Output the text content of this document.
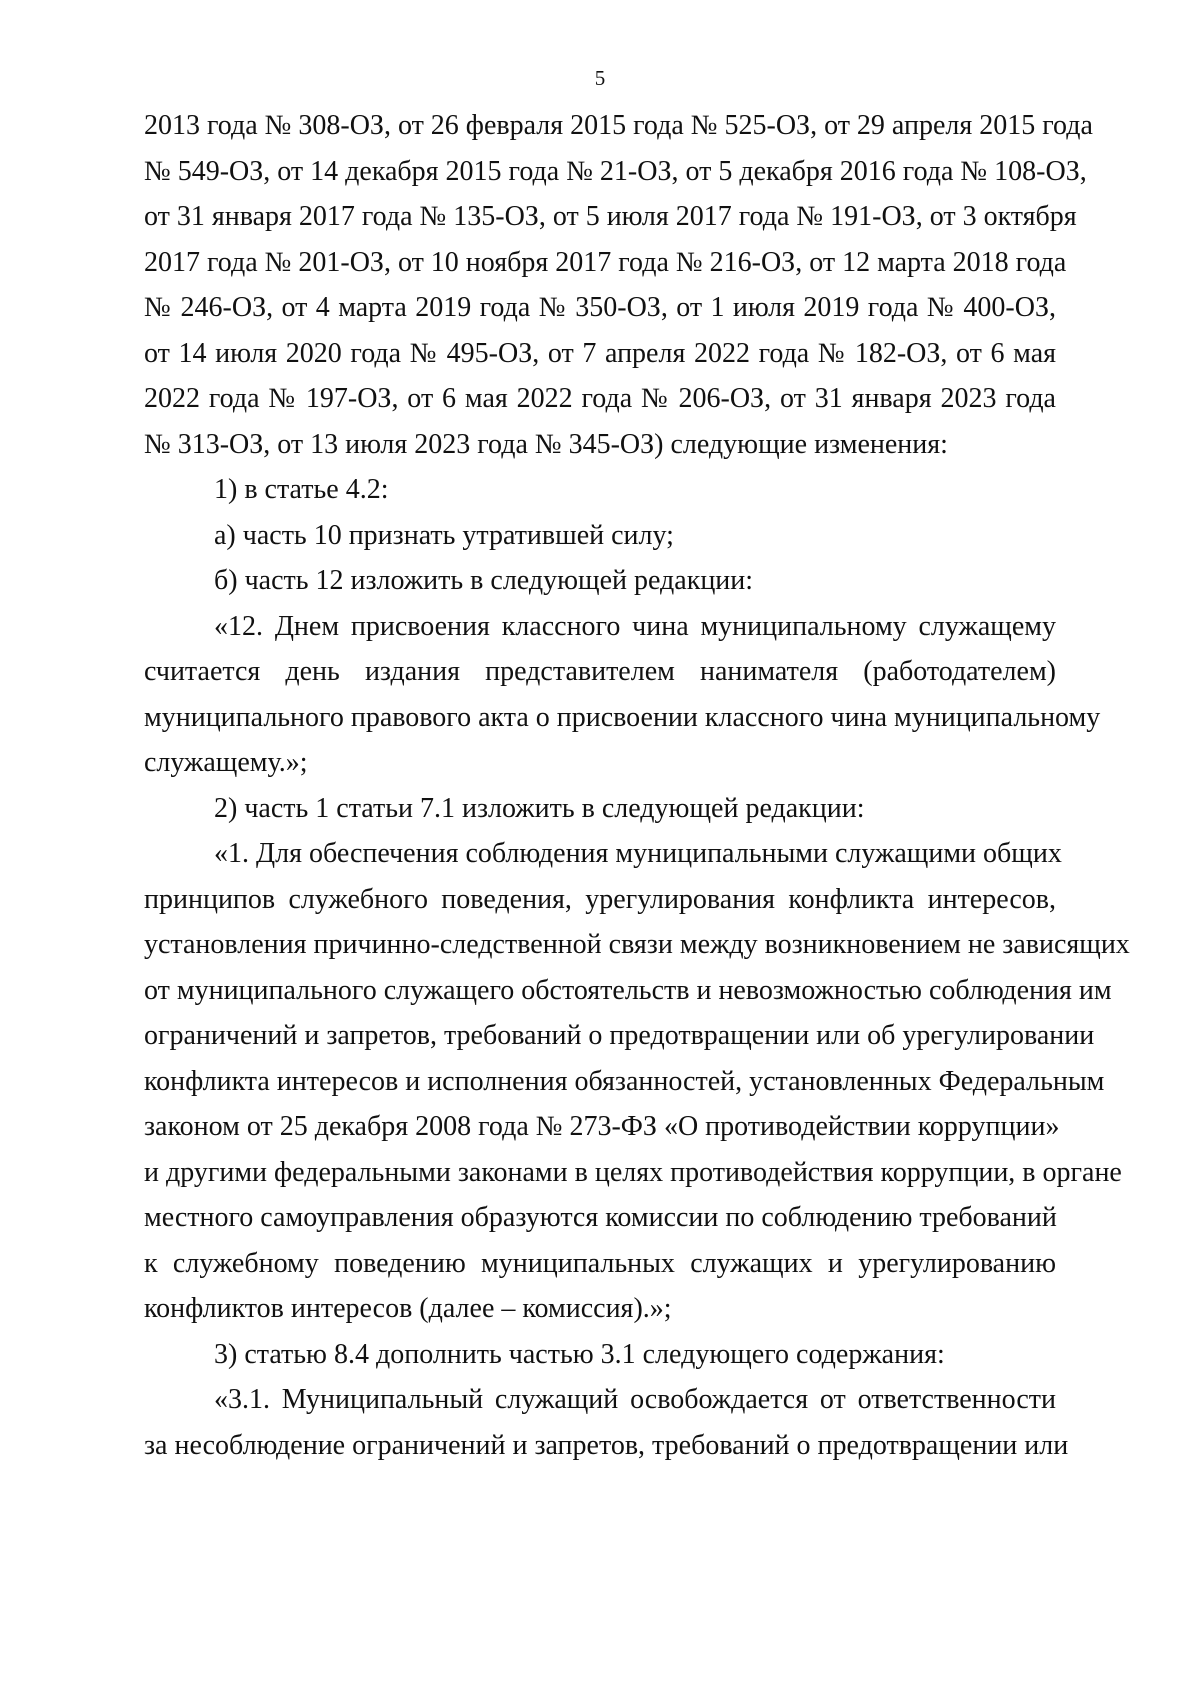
5
2013 года № 308-ОЗ, от 26 февраля 2015 года № 525-ОЗ, от 29 апреля 2015 года
№ 549-ОЗ, от 14 декабря 2015 года № 21-ОЗ, от 5 декабря 2016 года № 108-ОЗ,
от 31 января 2017 года № 135-ОЗ, от 5 июля 2017 года № 191-ОЗ, от 3 октября
2017 года № 201-ОЗ, от 10 ноября 2017 года № 216-ОЗ, от 12 марта 2018 года
№ 246-ОЗ, от 4 марта 2019 года № 350-ОЗ, от 1 июля 2019 года № 400-ОЗ,
от 14 июля 2020 года № 495-ОЗ, от 7 апреля 2022 года № 182-ОЗ, от 6 мая
2022 года № 197-ОЗ, от 6 мая 2022 года № 206-ОЗ, от 31 января 2023 года
№ 313-ОЗ, от 13 июля 2023 года № 345-ОЗ) следующие изменения:
1) в статье 4.2:
а) часть 10 признать утратившей силу;
б) часть 12 изложить в следующей редакции:
«12. Днем присвоения классного чина муниципальному служащему
считается день издания представителем нанимателя (работодателем)
муниципального правового акта о присвоении классного чина муниципальному
служащему.»;
2) часть 1 статьи 7.1 изложить в следующей редакции:
«1. Для обеспечения соблюдения муниципальными служащими общих
принципов служебного поведения, урегулирования конфликта интересов,
установления причинно-следственной связи между возникновением не зависящих
от муниципального служащего обстоятельств и невозможностью соблюдения им
ограничений и запретов, требований о предотвращении или об урегулировании
конфликта интересов и исполнения обязанностей, установленных Федеральным
законом от 25 декабря 2008 года № 273-ФЗ «О противодействии коррупции»
и другими федеральными законами в целях противодействия коррупции, в органе
местного самоуправления образуются комиссии по соблюдению требований
к служебному поведению муниципальных служащих и урегулированию
конфликтов интересов (далее – комиссия).»;
3) статью 8.4 дополнить частью 3.1 следующего содержания:
«3.1. Муниципальный служащий освобождается от ответственности
за несоблюдение ограничений и запретов, требований о предотвращении или
